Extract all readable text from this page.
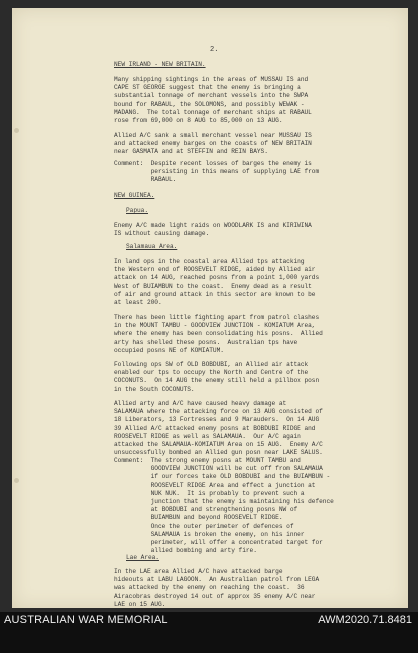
2.
NEW IRLAND - NEW BRITAIN.
Many shipping sightings in the areas of MUSSAU IS and
CAPE ST GEORGE suggest that the enemy is bringing a
substantial tonnage of merchant vessels into the SWPA
bound for RABAUL, the SOLOMONS, and possibly WEWAK -
MADANG.  The total tonnage of merchant ships at RABAUL
rose from 69,000 on 8 AUG to 85,000 on 13 AUG.
Allied A/C sank a small merchant vessel near MUSSAU IS
and attacked enemy barges on the coasts of NEW BRITAIN
near GASMATA and at STEFFIN and REIN BAYS.
Comment:  Despite recent losses of barges the enemy is
persisting in this means of supplying LAE from
RABAUL.
NEW GUINEA.
Papua.
Enemy A/C made light raids on WOODLARK IS and KIRIWINA
IS without causing damage.
Salamaua Area.
In land ops in the coastal area Allied tps attacking
the Western end of ROOSEVELT RIDGE, aided by Allied air
attack on 14 AUG, reached posns from a point 1,000 yards
West of BUIAMBUN to the coast.  Enemy dead as a result
of air and ground attack in this sector are known to be
at least 200.
There has been little fighting apart from patrol clashes
in the MOUNT TAMBU - GOODVIEW JUNCTION - KOMIATUM Area,
where the enemy has been consolidating his posns.  Allied
arty has shelled these posns.  Australian tps have
occupied posns NE of KOMIATUM.
Following ops SW of OLD BOBDUBI, an Allied air attack
enabled our tps to occupy the North and Centre of the
COCONUTS.  On 14 AUG the enemy still held a pillbox posn
in the South COCONUTS.
Allied arty and A/C have caused heavy damage at
SALAMAUA where the attacking force on 13 AUG consisted of
18 Liberators, 13 Fortresses and 9 Marauders.  On 14 AUG
39 Allied A/C attacked enemy posns at BOBDUBI RIDGE and
ROOSEVELT RIDGE as well as SALAMAUA.  Our A/C again
attacked the SALAMAUA-KOMIATUM Area on 15 AUG.  Enemy A/C
unsuccessfully bombed an Allied gun posn near LAKE SALUS.
Comment:  The strong enemy posns at MOUNT TAMBU and
GOODVIEW JUNCTION will be cut off from SALAMAUA
if our forces take OLD BOBDUBI and the BUIAMBUN -
ROOSEVELT RIDGE Area and effect a junction at
NUK NUK.  It is probably to prevent such a
junction that the enemy is maintaining his defence
at BOBDUBI and strengthening posns NW of
BUIAMBUN and beyond ROOSEVELT RIDGE.
Once the outer perimeter of defences of
SALAMAUA is broken the enemy, on his inner
perimeter, will offer a concentrated target for
allied bombing and arty fire.
Lae Area.
In the LAE area Allied A/C have attacked barge
hideouts at LABU LAGOON.  An Australian patrol from LEGA
was attacked by the enemy on reaching the coast.  36
Airacobras destroyed 14 out of approx 35 enemy A/C near
LAE on 15 AUG.
AUSTRALIAN WAR MEMORIAL	AWM2020.71.8481
